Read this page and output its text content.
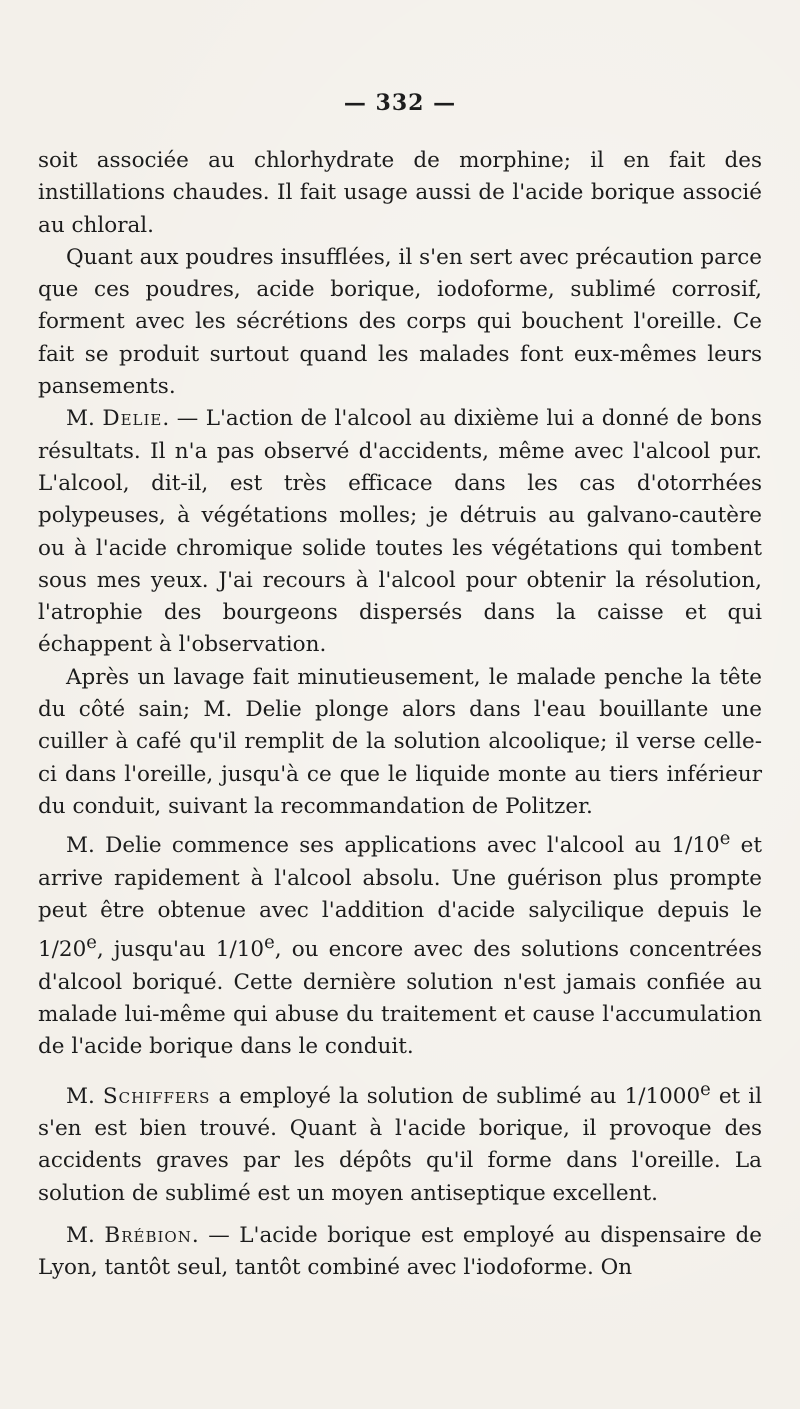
— 332 —

soit associée au chlorhydrate de morphine; il en fait des instillations chaudes. Il fait usage aussi de l'acide borique associé au chloral.

Quant aux poudres insufflées, il s'en sert avec précaution parce que ces poudres, acide borique, iodoforme, sublimé corrosif, forment avec les sécrétions des corps qui bouchent l'oreille. Ce fait se produit surtout quand les malades font eux-mêmes leurs pansements.

M. Delie. — L'action de l'alcool au dixième lui a donné de bons résultats. Il n'a pas observé d'accidents, même avec l'alcool pur. L'alcool, dit-il, est très efficace dans les cas d'otorrhées polypeuses, à végétations molles; je détruis au galvano-cautère ou à l'acide chromique solide toutes les végétations qui tombent sous mes yeux. J'ai recours à l'alcool pour obtenir la résolution, l'atrophie des bourgeons dispersés dans la caisse et qui échappent à l'observation.

Après un lavage fait minutieusement, le malade penche la tête du côté sain; M. Delie plonge alors dans l'eau bouillante une cuiller à café qu'il remplit de la solution alcoolique; il verse celle-ci dans l'oreille, jusqu'à ce que le liquide monte au tiers inférieur du conduit, suivant la recommandation de Politzer.

M. Delie commence ses applications avec l'alcool au 1/10e et arrive rapidement à l'alcool absolu. Une guérison plus prompte peut être obtenue avec l'addition d'acide salycilique depuis le 1/20e, jusqu'au 1/10e, ou encore avec des solutions concentrées d'alcool boriqué. Cette dernière solution n'est jamais confiée au malade lui-même qui abuse du traitement et cause l'accumulation de l'acide borique dans le conduit.

M. Schiffers a employé la solution de sublimé au 1/1000e et il s'en est bien trouvé. Quant à l'acide borique, il provoque des accidents graves par les dépôts qu'il forme dans l'oreille. La solution de sublimé est un moyen antiseptique excellent.

M. Brébion. — L'acide borique est employé au dispensaire de Lyon, tantôt seul, tantôt combiné avec l'iodoforme. On
